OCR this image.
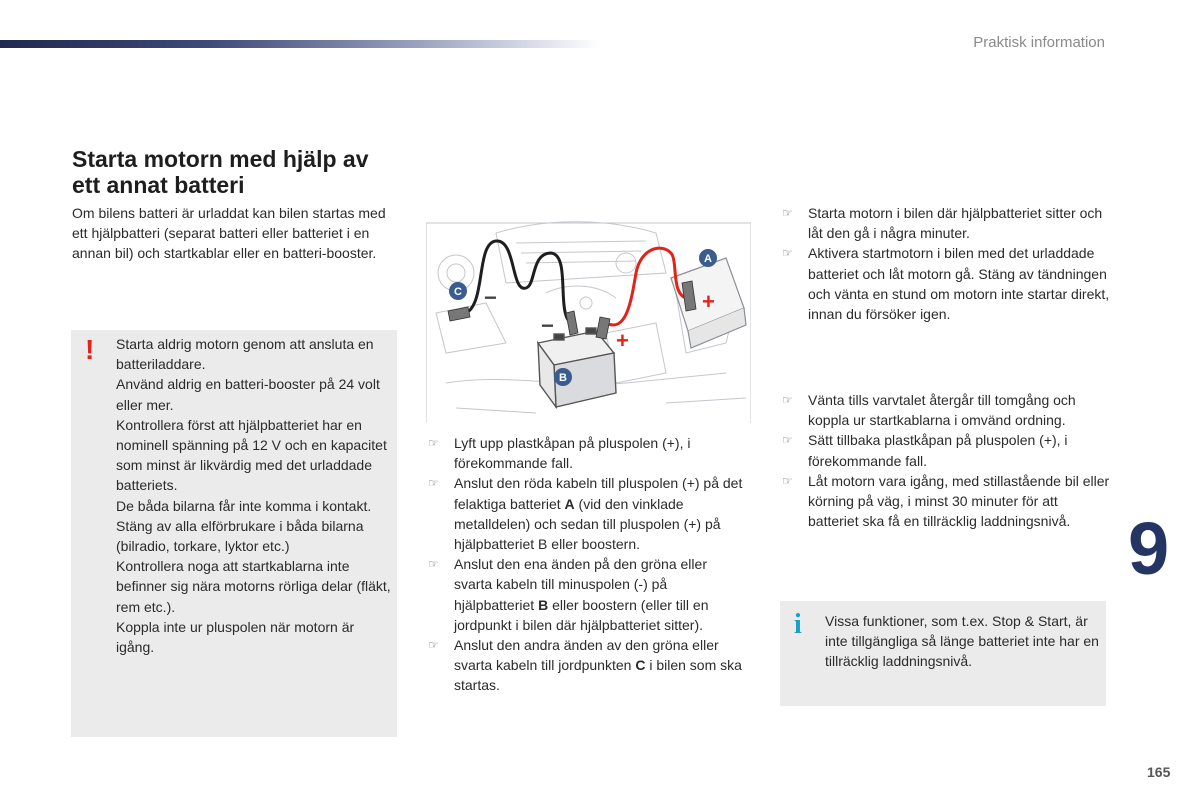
Praktisk information
Starta motorn med hjälp av ett annat batteri

Om bilens batteri är urladdat kan bilen startas med ett hjälpbatteri (separat batteri eller batteriet i en annan bil) och startkablar eller en batteri-booster.

! Starta aldrig motorn genom att ansluta en batteriladdare.

Använd aldrig en batteri-booster på 24 volt eller mer.

Kontrollera först att hjälpbatteriet har en nominell spänning på 12 V och en kapacitet som minst är likvärdig med det urladdade batteriets.

De båda bilarna får inte komma i kontakt.

Stäng av alla elförbrukare i båda bilarna (bilradio, torkare, lyktor etc.)

Kontrollera noga att startkablarna inte befinner sig nära motorns rörliga delar (fläkt, rem etc.).

Koppla inte ur pluspolen när motorn är igång.

−
−
+
+
A
B
C
☞ Lyft upp plastkåpan på pluspolen (+), i förekommande fall.
☞ Anslut den röda kabeln till pluspolen (+) på det felaktiga batteriet A (vid den vinklade metalldelen) och sedan till pluspolen (+) på hjälpbatteriet B eller boostern.
☞ Anslut den ena änden på den gröna eller svarta kabeln till minuspolen (-) på hjälpbatteriet B eller boostern (eller till en jordpunkt i bilen där hjälpbatteriet sitter).
☞ Anslut den andra änden av den gröna eller svarta kabeln till jordpunkten C i bilen som ska startas.
☞ Starta motorn i bilen där hjälpbatteriet sitter och låt den gå i några minuter.
☞ Aktivera startmotorn i bilen med det urladdade batteriet och låt motorn gå. Stäng av tändningen och vänta en stund om motorn inte startar direkt, innan du försöker igen.
☞ Vänta tills varvtalet återgår till tomgång och koppla ur startkablarna i omvänd ordning.
☞ Sätt tillbaka plastkåpan på pluspolen (+), i förekommande fall.
☞ Låt motorn vara igång, med stillastående bil eller körning på väg, i minst 30 minuter för att batteriet ska få en tillräcklig laddningsnivå.
i Vissa funktioner, som t.ex. Stop & Start, är inte tillgängliga så länge batteriet inte har en tillräcklig laddningsnivå.
9
165
